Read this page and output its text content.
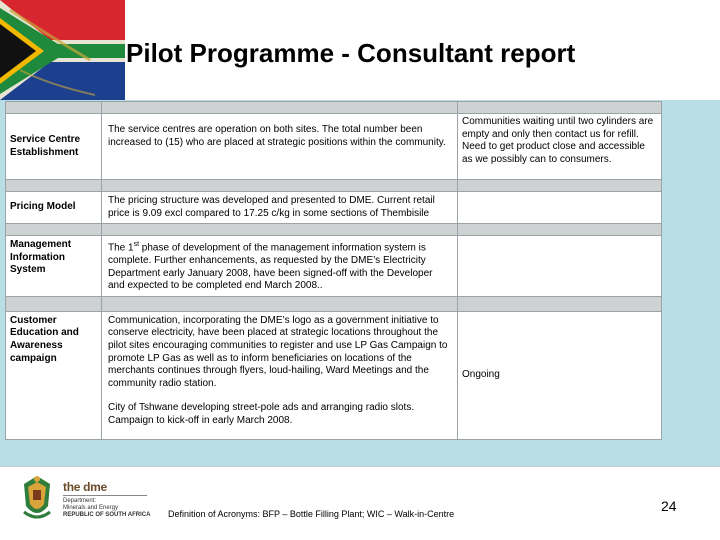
Pilot Programme - Consultant report

Service Centre Establishment	The service centres are operation on both sites. The total number been increased to (15) who are placed at strategic positions within the community.	Communities waiting until two cylinders are empty and only then contact us for refill. Need to get product close and accessible as we possibly can to consumers.

Pricing Model	The pricing structure was developed and presented to DME. Current retail price is 9.09 excl compared to 17.25 c/kg in some sections of Thembisile	

Management Information System	The 1st phase of development of the management information system is complete. Further enhancements, as requested by the DME’s Electricity Department early January 2008, have been signed-off with the Developer and expected to be completed end March 2008..	

Customer Education and Awareness campaign	Communication, incorporating the DME’s logo as a government initiative to conserve electricity, have been placed at strategic locations throughout the pilot sites encouraging communities to register and use LP Gas Campaign to promote LP Gas as well as to inform beneficiaries on locations of the merchants continues through flyers, loud-hailing, Ward Meetings and the community radio station.
City of Tshwane developing street-pole ads and arranging radio slots. Campaign to kick-off in early March 2008.	Ongoing
the dme
Department:
Minerals and Energy
REPUBLIC OF SOUTH AFRICA Definition of Acronyms: BFP – Bottle Filling Plant; WIC – Walk-in-Centre	24
